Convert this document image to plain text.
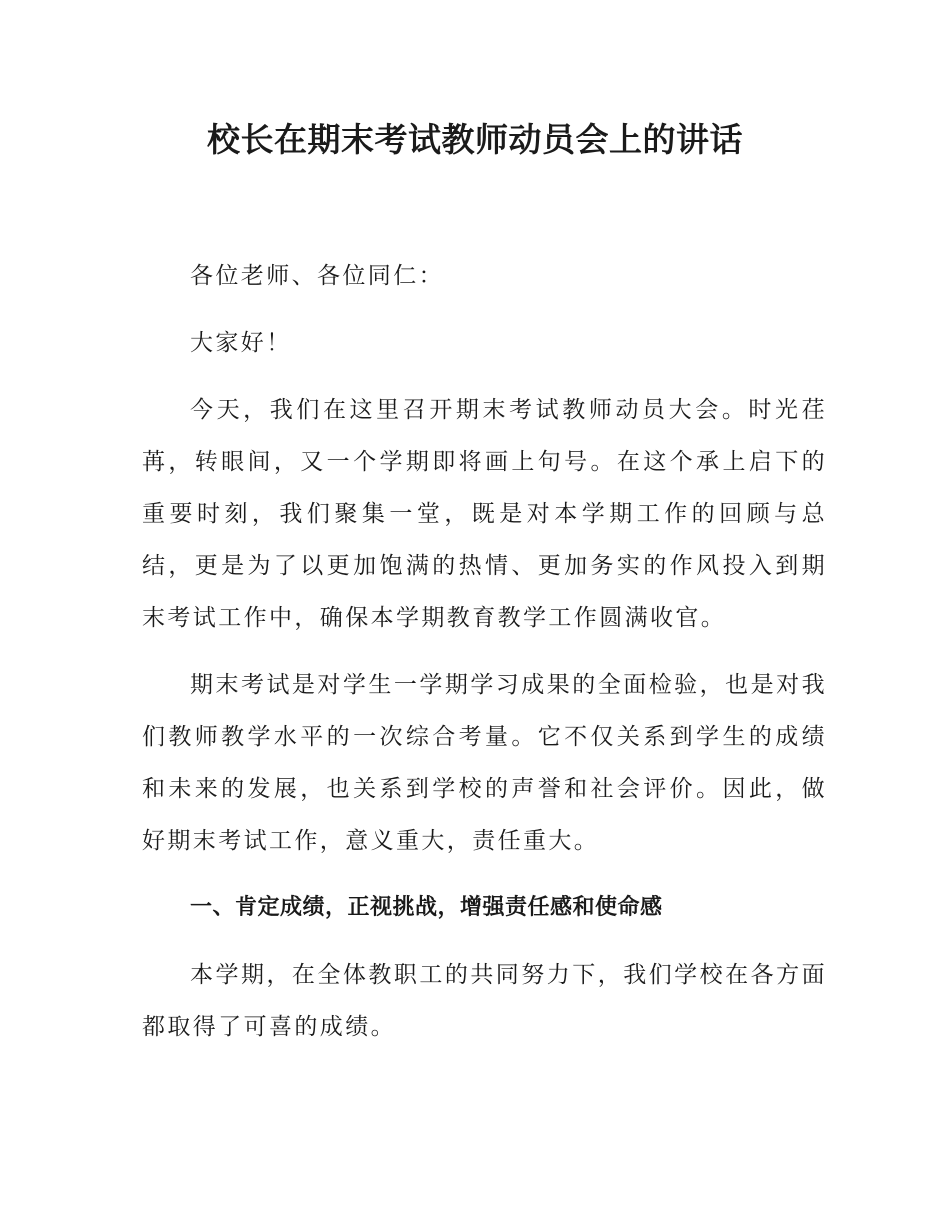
校长在期末考试教师动员会上的讲话

各位老师、各位同仁：

大家好！

今天，我们在这里召开期末考试教师动员大会。时光荏苒，转眼间，又一个学期即将画上句号。在这个承上启下的重要时刻，我们聚集一堂，既是对本学期工作的回顾与总结，更是为了以更加饱满的热情、更加务实的作风投入到期末考试工作中，确保本学期教育教学工作圆满收官。

期末考试是对学生一学期学习成果的全面检验，也是对我们教师教学水平的一次综合考量。它不仅关系到学生的成绩和未来的发展，也关系到学校的声誉和社会评价。因此，做好期末考试工作，意义重大，责任重大。

一、肯定成绩，正视挑战，增强责任感和使命感

本学期，在全体教职工的共同努力下，我们学校在各方面都取得了可喜的成绩。
